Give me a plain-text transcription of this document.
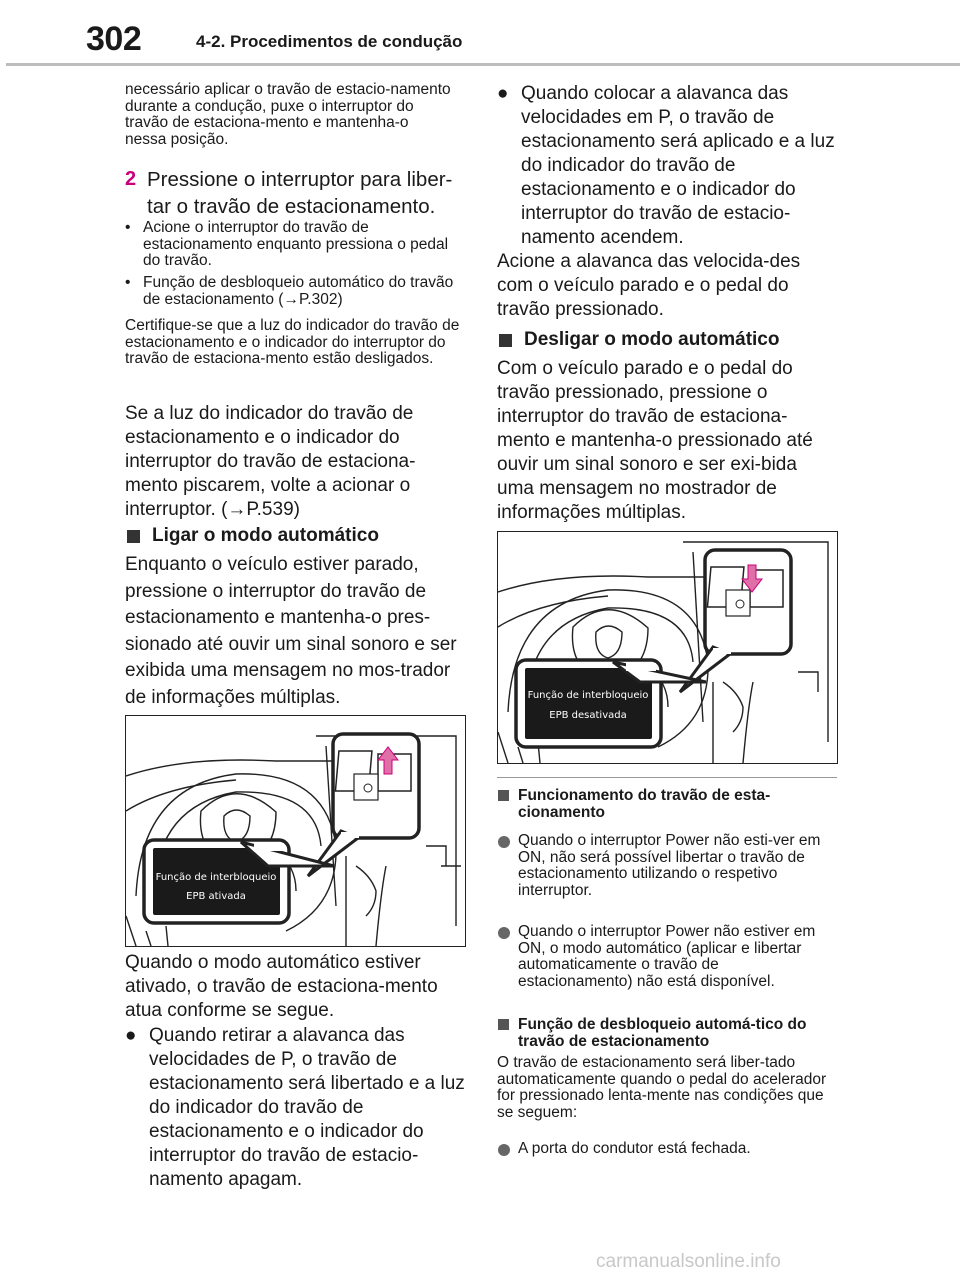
302	4-2. Procedimentos de condução

necessário aplicar o travão de estacio-namento durante a condução, puxe o interruptor do travão de estaciona-mento e mantenha-o nessa posição.

2 Pressione o interruptor para liber-tar o travão de estacionamento.
• Acione o interruptor do travão de estacionamento enquanto pressiona o pedal do travão.
• Função de desbloqueio automático do travão de estacionamento (→P.302)

Certifique-se que a luz do indicador do travão de estacionamento e o indicador do interruptor do travão de estaciona-mento estão desligados.

Se a luz do indicador do travão de estacionamento e o indicador do interruptor do travão de estaciona-mento piscarem, volte a acionar o interruptor. (→P.539)

Ligar o modo automático

Enquanto o veículo estiver parado, pressione o interruptor do travão de estacionamento e mantenha-o pres-sionado até ouvir um sinal sonoro e ser exibida uma mensagem no mos-trador de informações múltiplas.

Função de interbloqueio
EPB ativada

Quando o modo automático estiver ativado, o travão de estaciona-mento atua conforme se segue.

● Quando retirar a alavanca das velocidades de P, o travão de estacionamento será libertado e a luz do indicador do travão de estacionamento e o indicador do interruptor do travão de estacio-namento apagam.
● Quando colocar a alavanca das velocidades em P, o travão de estacionamento será aplicado e a luz do indicador do travão de estacionamento e o indicador do interruptor do travão de estacio-namento acendem.

Acione a alavanca das velocida-des com o veículo parado e o pedal do travão pressionado.

Desligar o modo automático

Com o veículo parado e o pedal do travão pressionado, pressione o interruptor do travão de estaciona-mento e mantenha-o pressionado até ouvir um sinal sonoro e ser exi-bida uma mensagem no mostrador de informações múltiplas.

Função de interbloqueio
EPB desativada
Funcionamento do travão de esta-cionamento
Quando o interruptor Power não esti-ver em ON, não será possível libertar o travão de estacionamento utilizando o respetivo interruptor.
Quando o interruptor Power não estiver em ON, o modo automático (aplicar e libertar automaticamente o travão de estacionamento) não está disponível.
Função de desbloqueio automá-tico do travão de estacionamento

O travão de estacionamento será liber-tado automaticamente quando o pedal do acelerador for pressionado lenta-mente nas condições que se seguem:

A porta do condutor está fechada.
carmanualsonline.info
